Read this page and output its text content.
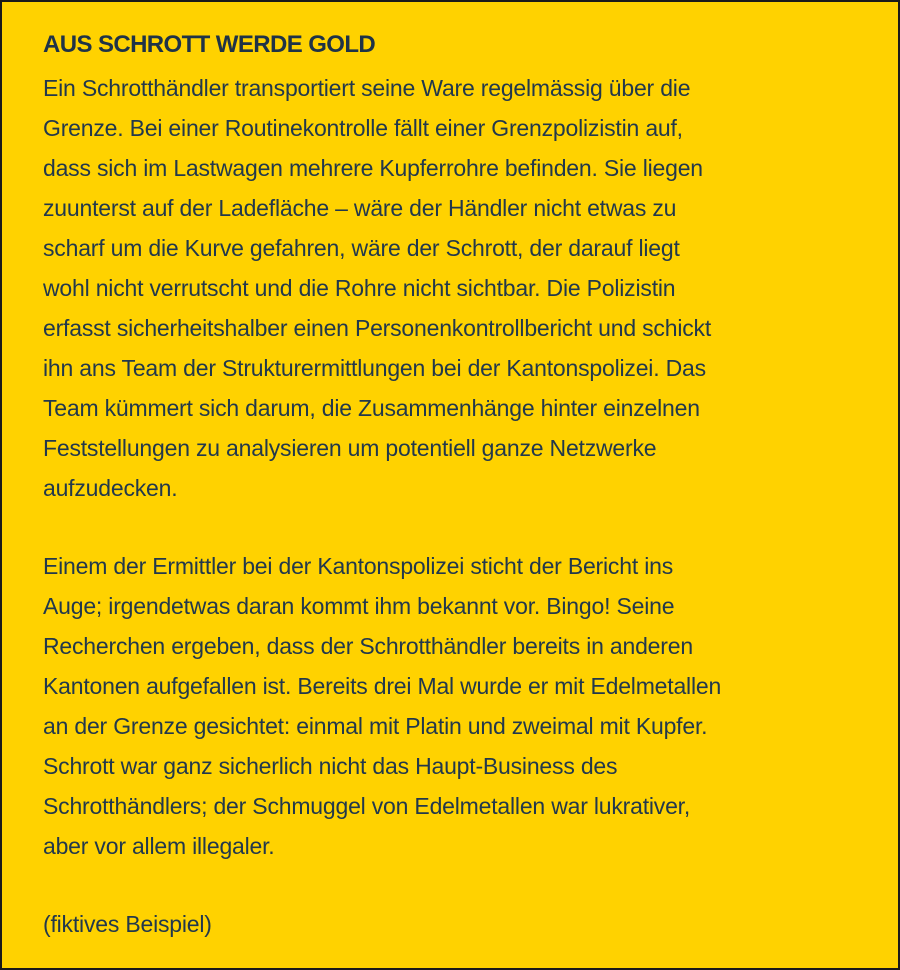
AUS SCHROTT WERDE GOLD

Ein Schrotthändler transportiert seine Ware regelmässig über die
Grenze. Bei einer Routinekontrolle fällt einer Grenzpolizistin auf,
dass sich im Lastwagen mehrere Kupferrohre befinden. Sie liegen
zuunterst auf der Ladefläche – wäre der Händler nicht etwas zu
scharf um die Kurve gefahren, wäre der Schrott, der darauf liegt
wohl nicht verrutscht und die Rohre nicht sichtbar. Die Polizistin
erfasst sicherheitshalber einen Personenkontrollbericht und schickt
ihn ans Team der Strukturermittlungen bei der Kantonspolizei. Das
Team kümmert sich darum, die Zusammenhänge hinter einzelnen
Feststellungen zu analysieren um potentiell ganze Netzwerke
aufzudecken.

Einem der Ermittler bei der Kantonspolizei sticht der Bericht ins
Auge; irgendetwas daran kommt ihm bekannt vor. Bingo! Seine
Recherchen ergeben, dass der Schrotthändler bereits in anderen
Kantonen aufgefallen ist. Bereits drei Mal wurde er mit Edelmetallen
an der Grenze gesichtet: einmal mit Platin und zweimal mit Kupfer.
Schrott war ganz sicherlich nicht das Haupt-Business des
Schrotthändlers; der Schmuggel von Edelmetallen war lukrativer,
aber vor allem illegaler.

(fiktives Beispiel)
